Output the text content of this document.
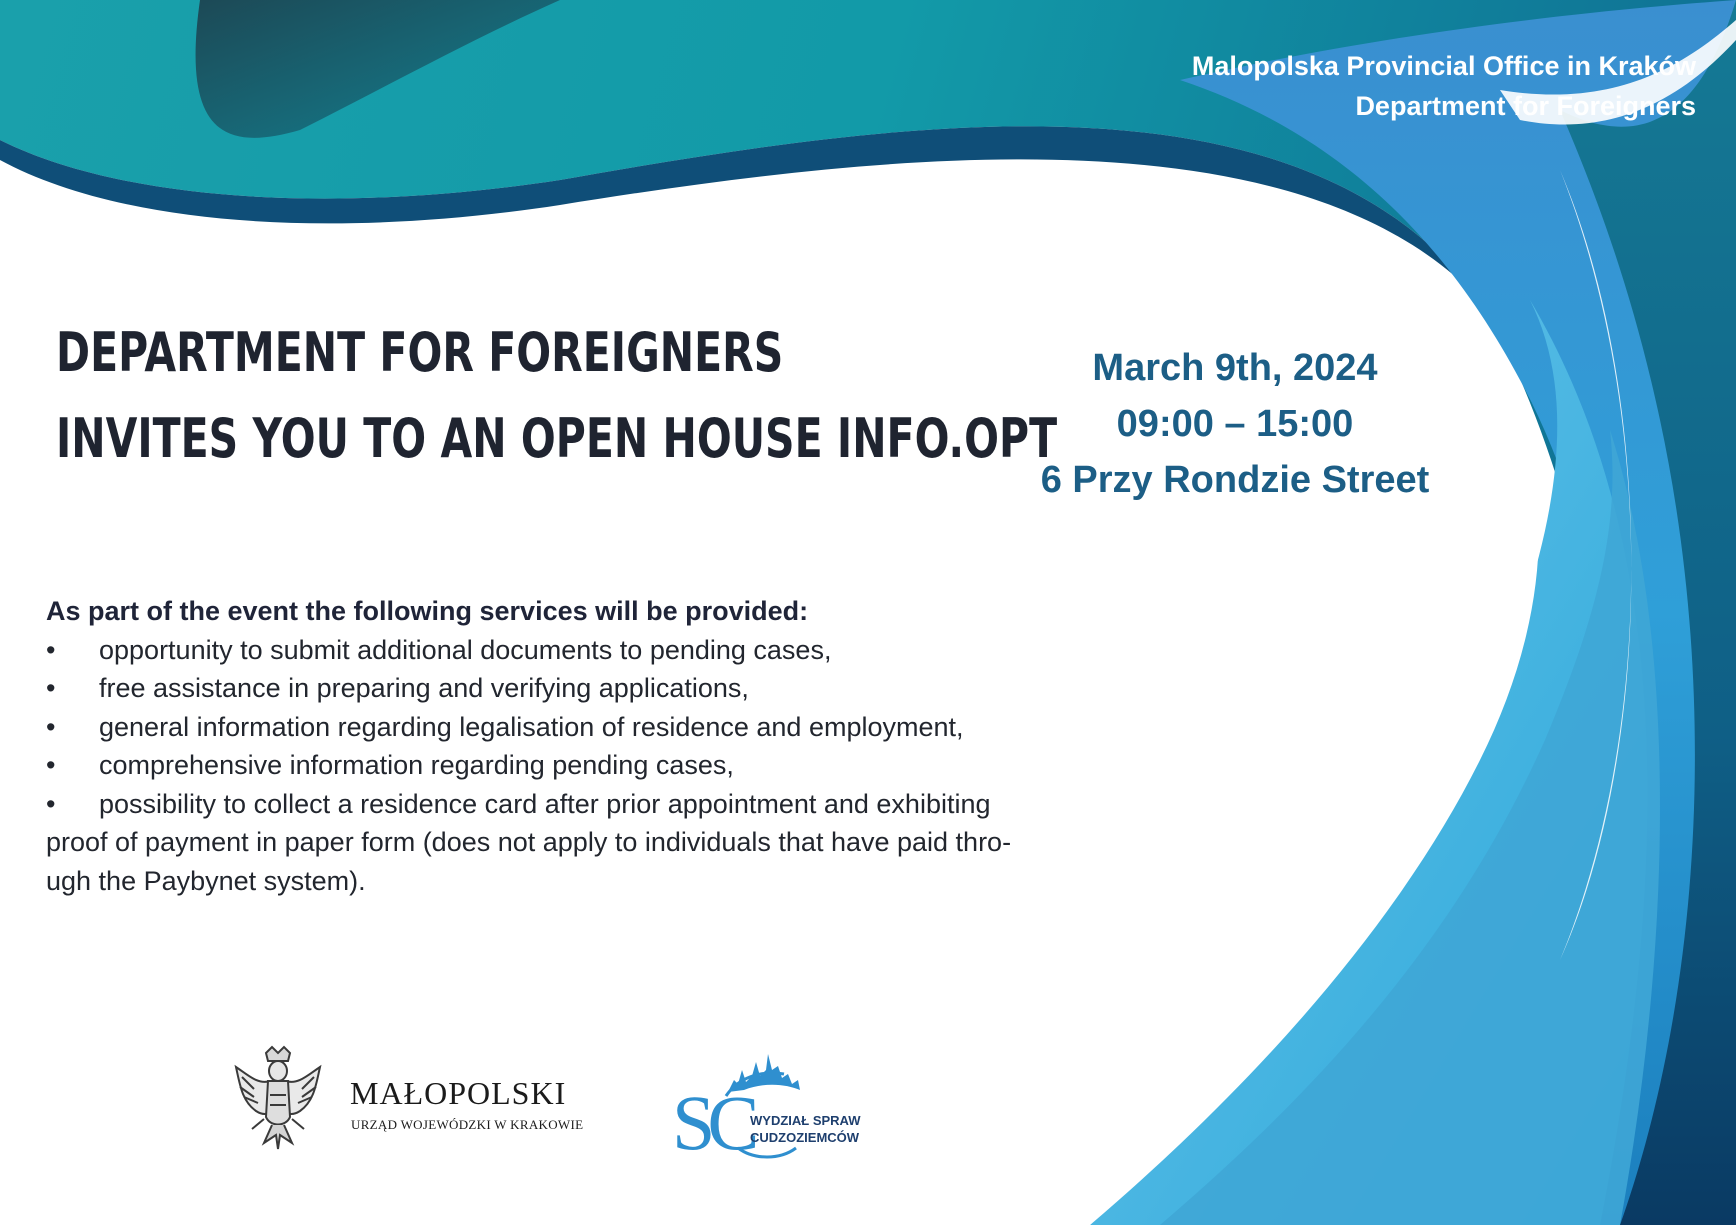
Malopolska Provincial Office in Kraków
Department for Foreigners
DEPARTMENT FOR FOREIGNERS
INVITES YOU TO AN OPEN HOUSE INFO.OPT
March 9th, 2024
09:00 – 15:00
6 Przy Rondzie Street
As part of the event the following services will be provided:
• opportunity to submit additional documents to pending cases,
• free assistance in preparing and verifying applications,
• general information regarding legalisation of residence and employment,
• comprehensive information regarding pending cases,
• possibility to collect a residence card after prior appointment and exhibiting
proof of payment in paper form (does not apply to individuals that have paid thro-
ugh the Paybynet system).
MAŁOPOLSKI
URZĄD WOJEWÓDZKI W KRAKOWIE SC
WYDZIAŁ SPRAW
CUDZOZIEMCÓW
